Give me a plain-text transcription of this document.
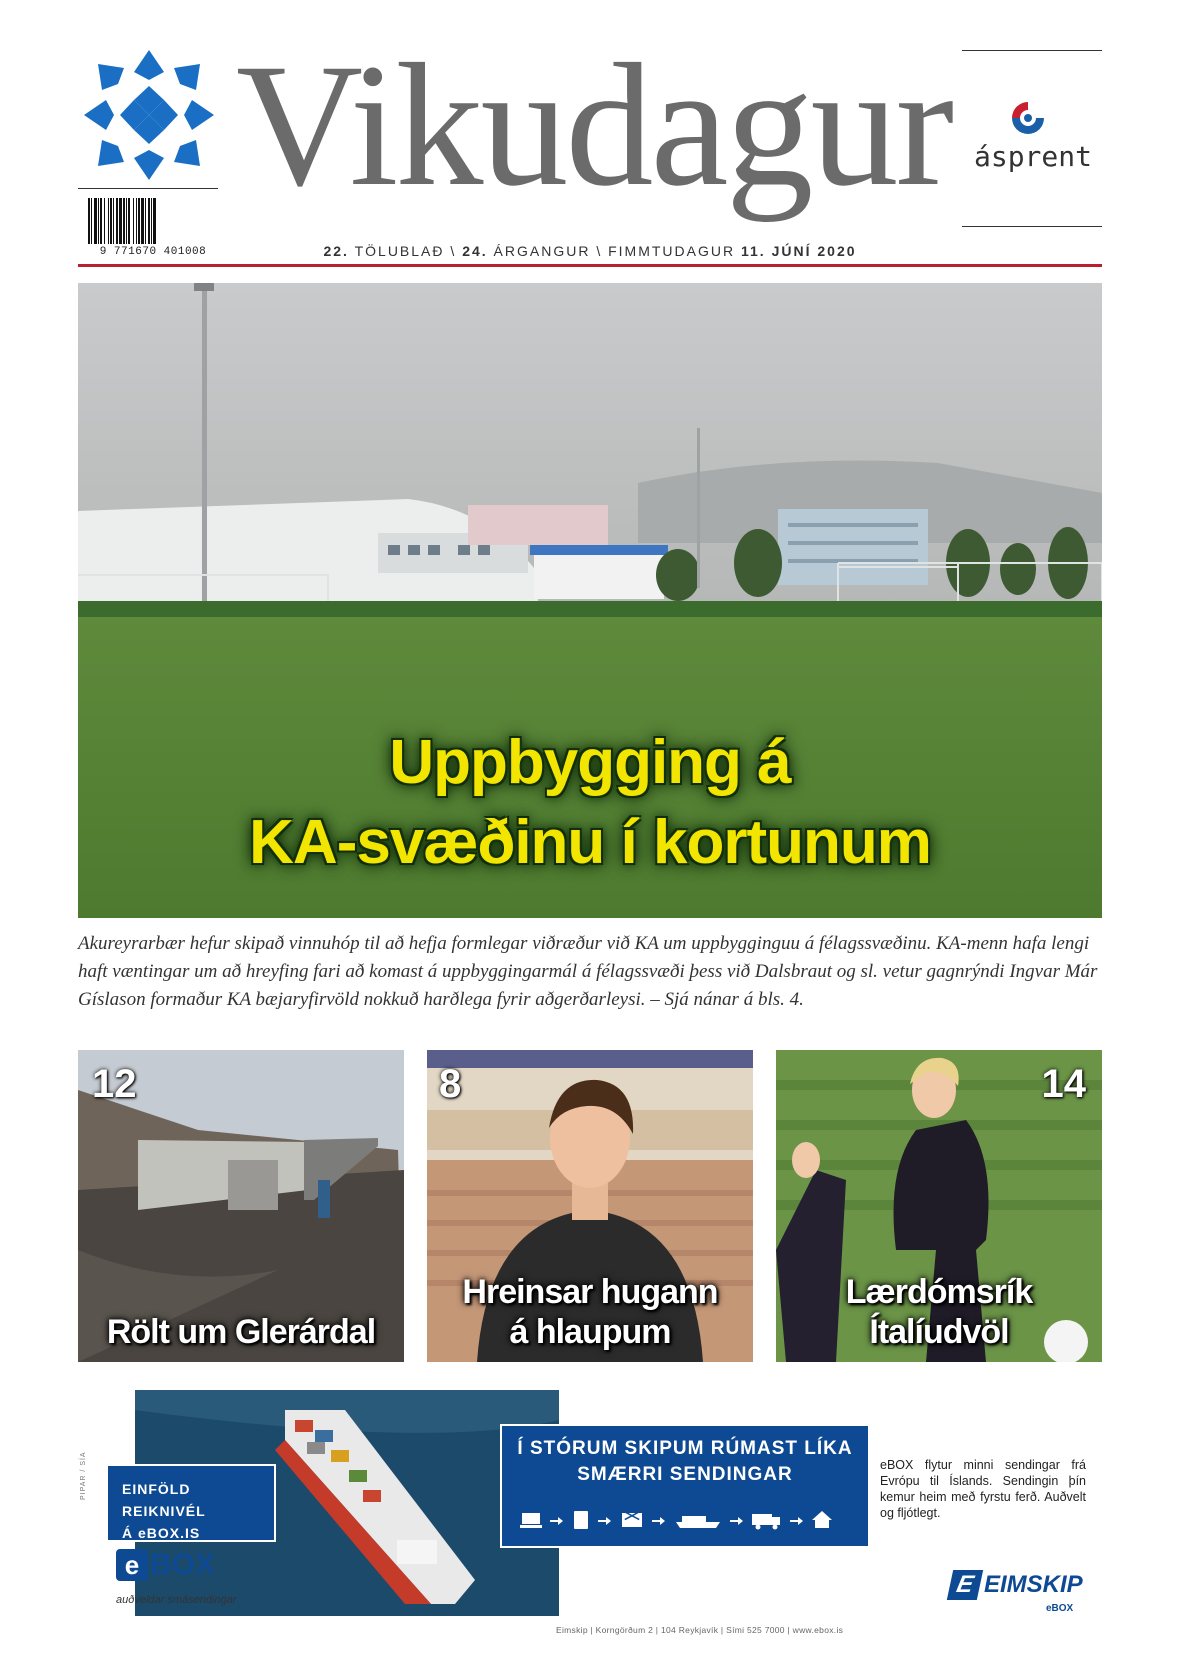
9 771670 401008
Vikudagur ásprent
22. TÖLUBLAÐ \ 24. ÁRGANGUR \ FIMMTUDAGUR 11. JÚNÍ 2020
Uppbygging á
KA-svæðinu í kortunum

Akureyrarbær hefur skipað vinnuhóp til að hefja formlegar viðræður við KA um uppbygginguu á félagssvæðinu. KA-menn hafa lengi haft væntingar um að hreyfing fari að komast á uppbyggingarmál á félagssvæði þess við Dalsbraut og sl. vetur gagnrýndi Ingvar Már Gíslason formaður KA bæjaryfirvöld nokkuð harðlega fyrir aðgerðarleysi. – Sjá nánar á bls. 4.

12
Rölt um Glerárdal
8
Hreinsar hugann
á hlaupum
14
Lærdómsrík
Ítalíudvöl
PIPAR / SÍA	EINFÖLD REIKNIVÉL
Á eBOX.IS
Í STÓRUM SKIPUM RÚMAST LÍKA
SMÆRRI SENDINGAR	eBOX flytur minni sendingar frá Evrópu til Íslands. Sendingin þín kemur heim með fyrstu ferð. Auðvelt og fljótlegt.

e BOX
auðveldar smásendingar
Eimskip | Korngörðum 2 | 104 Reykjavík | Sími 525 7000 | www.ebox.is
E EIMSKIP
eBOX
